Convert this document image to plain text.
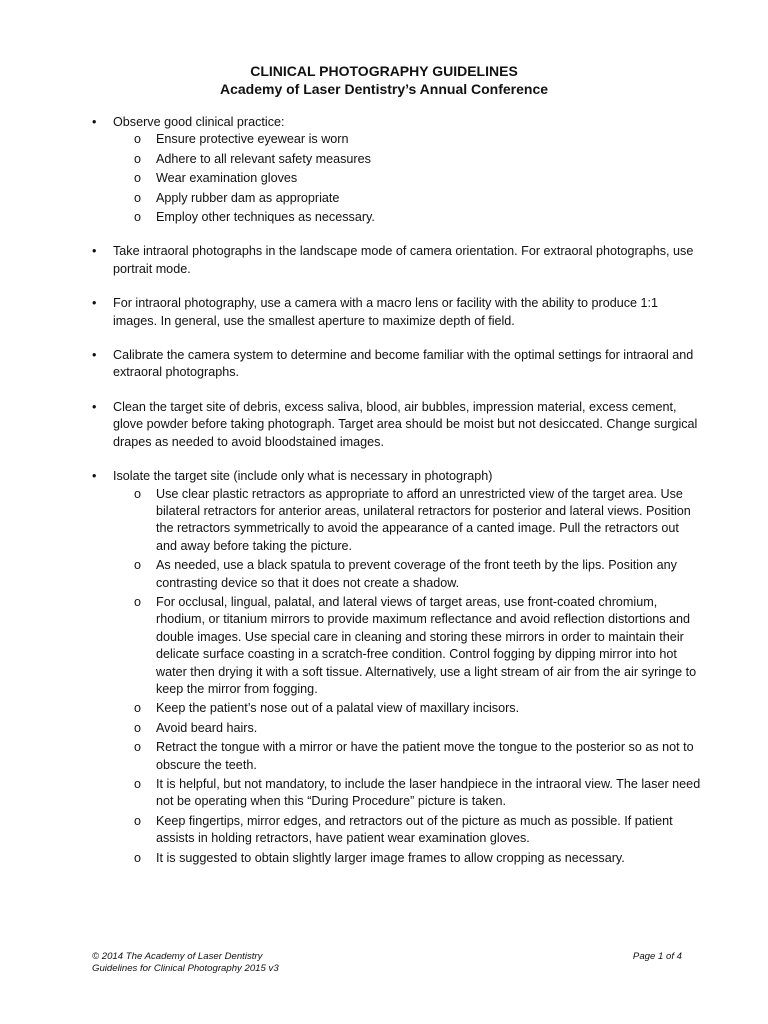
CLINICAL PHOTOGRAPHY GUIDELINES
Academy of Laser Dentistry’s Annual Conference
• Observe good clinical practice:
o Ensure protective eyewear is worn
o Adhere to all relevant safety measures
o Wear examination gloves
o Apply rubber dam as appropriate
o Employ other techniques as necessary.
• Take intraoral photographs in the landscape mode of camera orientation. For extraoral photographs, use portrait mode.
• For intraoral photography, use a camera with a macro lens or facility with the ability to produce 1:1 images. In general, use the smallest aperture to maximize depth of field.
• Calibrate the camera system to determine and become familiar with the optimal settings for intraoral and extraoral photographs.
• Clean the target site of debris, excess saliva, blood, air bubbles, impression material, excess cement, glove powder before taking photograph. Target area should be moist but not desiccated. Change surgical drapes as needed to avoid bloodstained images.
• Isolate the target site (include only what is necessary in photograph)
o Use clear plastic retractors as appropriate to afford an unrestricted view of the target area. Use bilateral retractors for anterior areas, unilateral retractors for posterior and lateral views. Position the retractors symmetrically to avoid the appearance of a canted image. Pull the retractors out and away before taking the picture.
o As needed, use a black spatula to prevent coverage of the front teeth by the lips. Position any contrasting device so that it does not create a shadow.
o For occlusal, lingual, palatal, and lateral views of target areas, use front-coated chromium, rhodium, or titanium mirrors to provide maximum reflectance and avoid reflection distortions and double images. Use special care in cleaning and storing these mirrors in order to maintain their delicate surface coasting in a scratch-free condition. Control fogging by dipping mirror into hot water then drying it with a soft tissue. Alternatively, use a light stream of air from the air syringe to keep the mirror from fogging.
o Keep the patient’s nose out of a palatal view of maxillary incisors.
o Avoid beard hairs.
o Retract the tongue with a mirror or have the patient move the tongue to the posterior so as not to obscure the teeth.
o It is helpful, but not mandatory, to include the laser handpiece in the intraoral view. The laser need not be operating when this “During Procedure” picture is taken.
o Keep fingertips, mirror edges, and retractors out of the picture as much as possible. If patient assists in holding retractors, have patient wear examination gloves.
o It is suggested to obtain slightly larger image frames to allow cropping as necessary.
© 2014 The Academy of Laser Dentistry
Guidelines for Clinical Photography 2015 v3
Page 1 of 4
